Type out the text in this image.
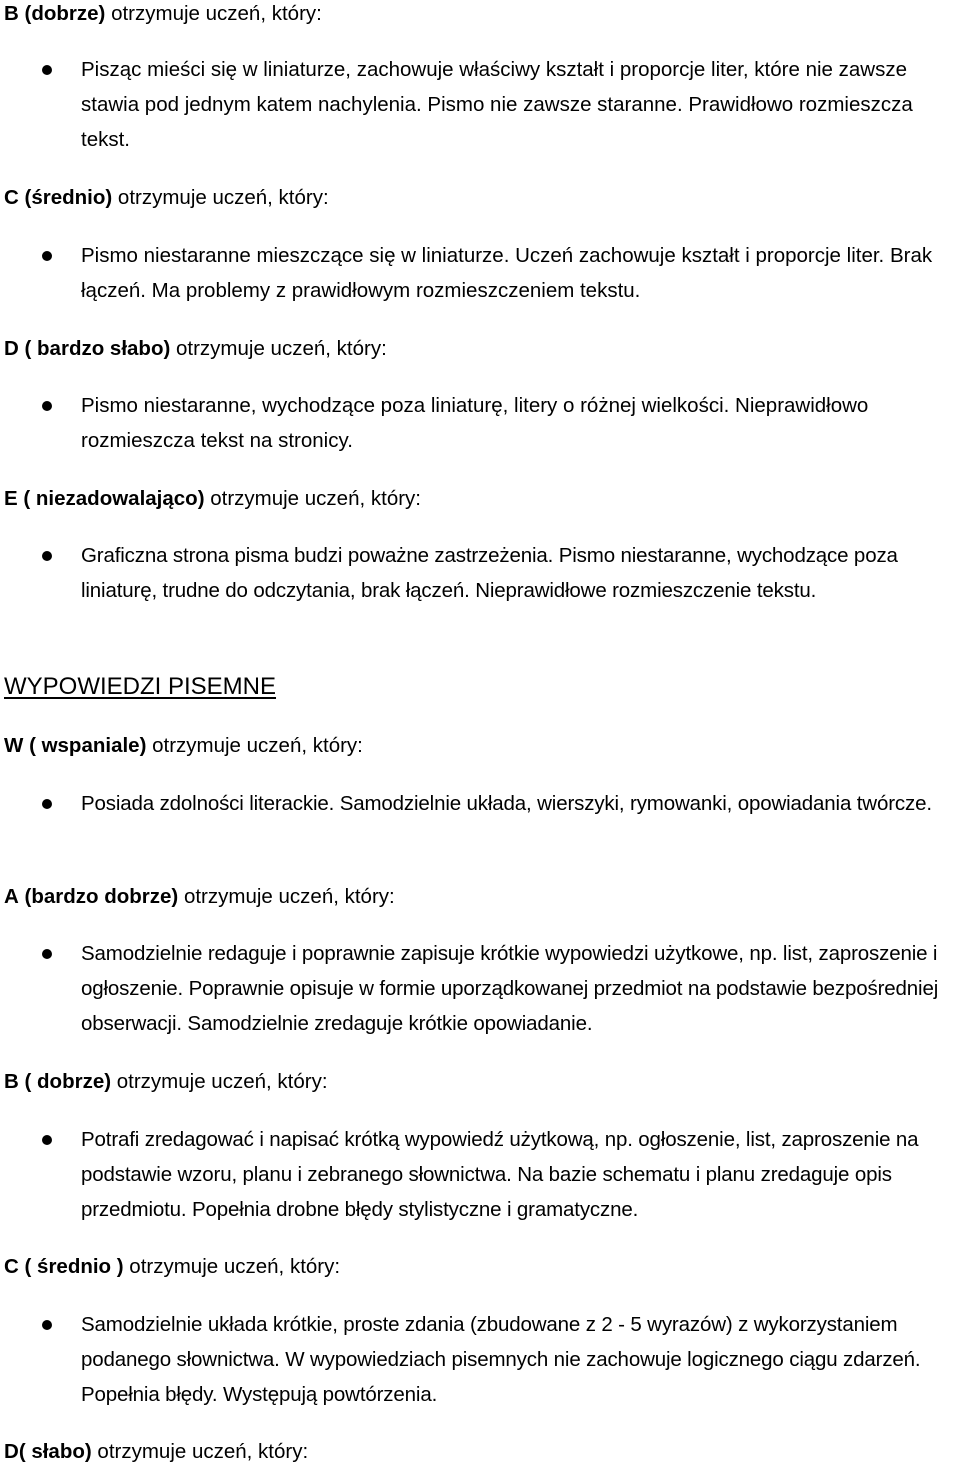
B (dobrze) otrzymuje uczeń, który:
Pisząc mieści się w liniaturze, zachowuje właściwy kształt i proporcje liter, które nie zawsze stawia pod jednym katem nachylenia. Pismo nie zawsze staranne. Prawidłowo rozmieszcza tekst.
C (średnio) otrzymuje uczeń, który:
Pismo niestaranne mieszczące się w liniaturze. Uczeń zachowuje kształt i proporcje liter. Brak łączeń. Ma problemy z prawidłowym rozmieszczeniem tekstu.
D ( bardzo słabo) otrzymuje uczeń, który:
Pismo niestaranne, wychodzące poza liniaturę, litery o różnej wielkości. Nieprawidłowo rozmieszcza tekst na stronicy.
E ( niezadowalająco) otrzymuje uczeń, który:
Graficzna strona pisma budzi poważne zastrzeżenia. Pismo niestaranne, wychodzące poza liniaturę, trudne do odczytania, brak łączeń. Nieprawidłowe rozmieszczenie tekstu.
WYPOWIEDZI PISEMNE
W ( wspaniale) otrzymuje uczeń, który:
Posiada zdolności literackie. Samodzielnie układa, wierszyki, rymowanki, opowiadania twórcze.
A (bardzo dobrze) otrzymuje uczeń, który:
Samodzielnie redaguje i poprawnie zapisuje krótkie wypowiedzi użytkowe, np. list, zaproszenie i ogłoszenie. Poprawnie opisuje w formie uporządkowanej przedmiot na podstawie bezpośredniej obserwacji. Samodzielnie zredaguje krótkie opowiadanie.
B ( dobrze) otrzymuje uczeń, który:
Potrafi zredagować i napisać krótką wypowiedź użytkową, np. ogłoszenie, list, zaproszenie na podstawie wzoru, planu i zebranego słownictwa. Na bazie schematu i planu zredaguje opis przedmiotu. Popełnia drobne błędy stylistyczne i gramatyczne.
C ( średnio ) otrzymuje uczeń, który:
Samodzielnie układa krótkie, proste zdania (zbudowane z 2 - 5 wyrazów) z wykorzystaniem podanego słownictwa. W wypowiedziach pisemnych nie zachowuje logicznego ciągu zdarzeń. Popełnia błędy. Występują powtórzenia.
D( słabo) otrzymuje uczeń, który:
